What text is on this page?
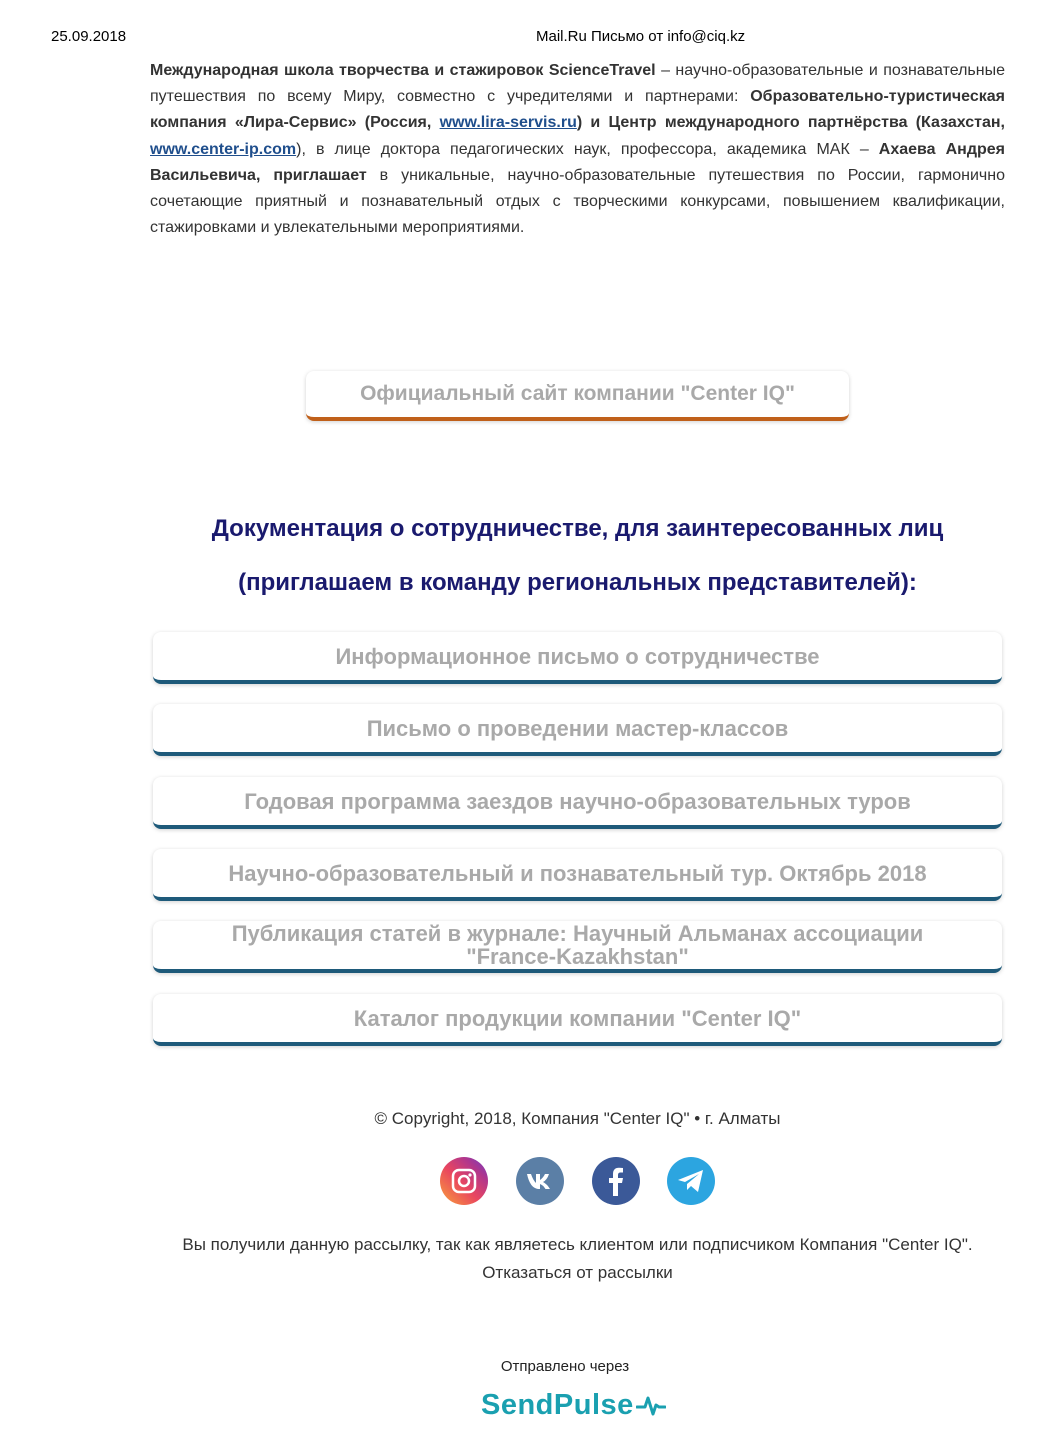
25.09.2018	Mail.Ru Письмо от info@ciq.kz
Международная школа творчества и стажировок ScienceTravel – научно-образовательные и познавательные путешествия по всему Миру, совместно с учредителями и партнерами: Образовательно-туристическая компания «Лира-Сервис» (Россия, www.lira-servis.ru) и Центр международного партнёрства (Казахстан, www.center-ip.com), в лице доктора педагогических наук, профессора, академика МАК – Ахаева Андрея Васильевича, приглашает в уникальные, научно-образовательные путешествия по России, гармонично сочетающие приятный и познавательный отдых с творческими конкурсами, повышением квалификации, стажировками и увлекательными мероприятиями.
Официальный сайт компании "Center IQ"
Документация о сотрудничестве, для заинтересованных лиц
(приглашаем в команду региональных представителей):
Информационное письмо о сотрудничестве
Письмо о проведении мастер-классов
Годовая программа заездов научно-образовательных туров
Научно-образовательный и познавательный тур. Октябрь 2018
Публикация статей в журнале: Научный Альманах ассоциации "France-Kazakhstan"
Каталог продукции компании "Center IQ"
© Copyright, 2018, Компания "Center IQ" • г. Алматы
Вы получили данную рассылку, так как являетесь клиентом или подписчиком Компания "Center IQ". Отказаться от рассылки
Отправлено через
SendPulse
